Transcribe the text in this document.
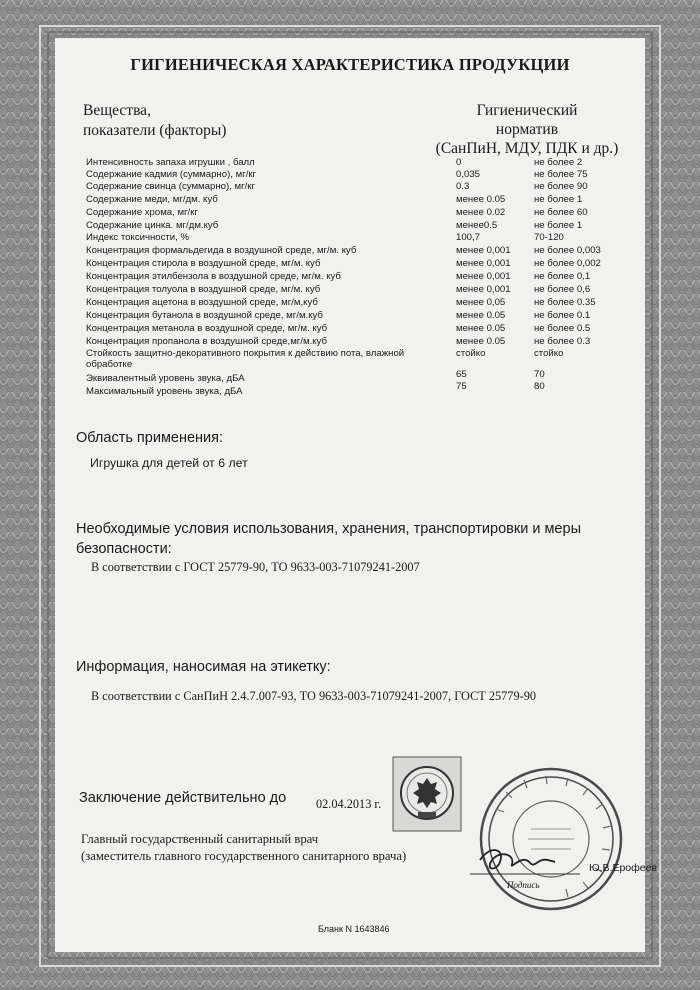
ГИГИЕНИЧЕСКАЯ ХАРАКТЕРИСТИКА ПРОДУКЦИИ
Вещества,
показатели (факторы)
Гигиенический
норматив
(СанПиН, МДУ, ПДК и др.)
Интенсивность запаха игрушки , балл	0	не более 2
Содержание кадмия (суммарно), мг/кг	0,035	не более 75
Содержание свинца (суммарно), мг/кг	0.3	не более 90
Содержание меди, мг/дм. куб	менее 0.05	не более 1
Содержание хрома, мг/кг	менее 0.02	не более 60
Содержание цинка. мг/дм.куб	менее0.5	не более 1
Индекс токсичности, %	100,7	70-120
Концентрация формальдегида в воздушной среде, мг/м. куб	менее 0,001 не более 0,003
Концентрация стирола в воздушной среде, мг/м. куб	менее 0,001 не более 0,002
Концентрация этилбензола в воздушной среде, мг/м. куб	менее 0,001 не более 0,1
Концентрация толуола в воздушной среде, мг/м. куб	менее 0,001 не более 0,6
Концентрация ацетона в воздушной среде, мг/м,куб	менее 0,05	не более 0.35
Концентрация бутанола в воздушной среде, мг/м.куб	менее 0.05	не более 0.1
Концентрация метанола в воздушной среде, мг/м. куб	менее 0.05	не более 0.5
Концентрация пропанола в воздушной среде,мг/м.куб	менее 0.05	не более 0.3
Стойкость защитно-декоративного покрытия к действию пота, влажной обработке
стойко	стойко
Эквивалентный уровень звука, дБА	65	70
Максимальный уровень звука, дБА	75	80
Область применения:
Игрушка для детей от 6 лет
Необходимые условия использования, хранения, транспортировки и меры
безопасности:
В соответствии с ГОСТ 25779-90, ТО 9633-003-71079241-2007
Информация, наносимая на этикетку:
В соответствии с СанПиН 2.4.7.007-93, ТО 9633-003-71079241-2007, ГОСТ 25779-90
Заключение действительно до 02.04.2013 г.
Главный государственный санитарный врач
(заместитель главного государственного санитарного врача)
Подпись
Ю.В.Ерофеев
Бланк N 1643846
